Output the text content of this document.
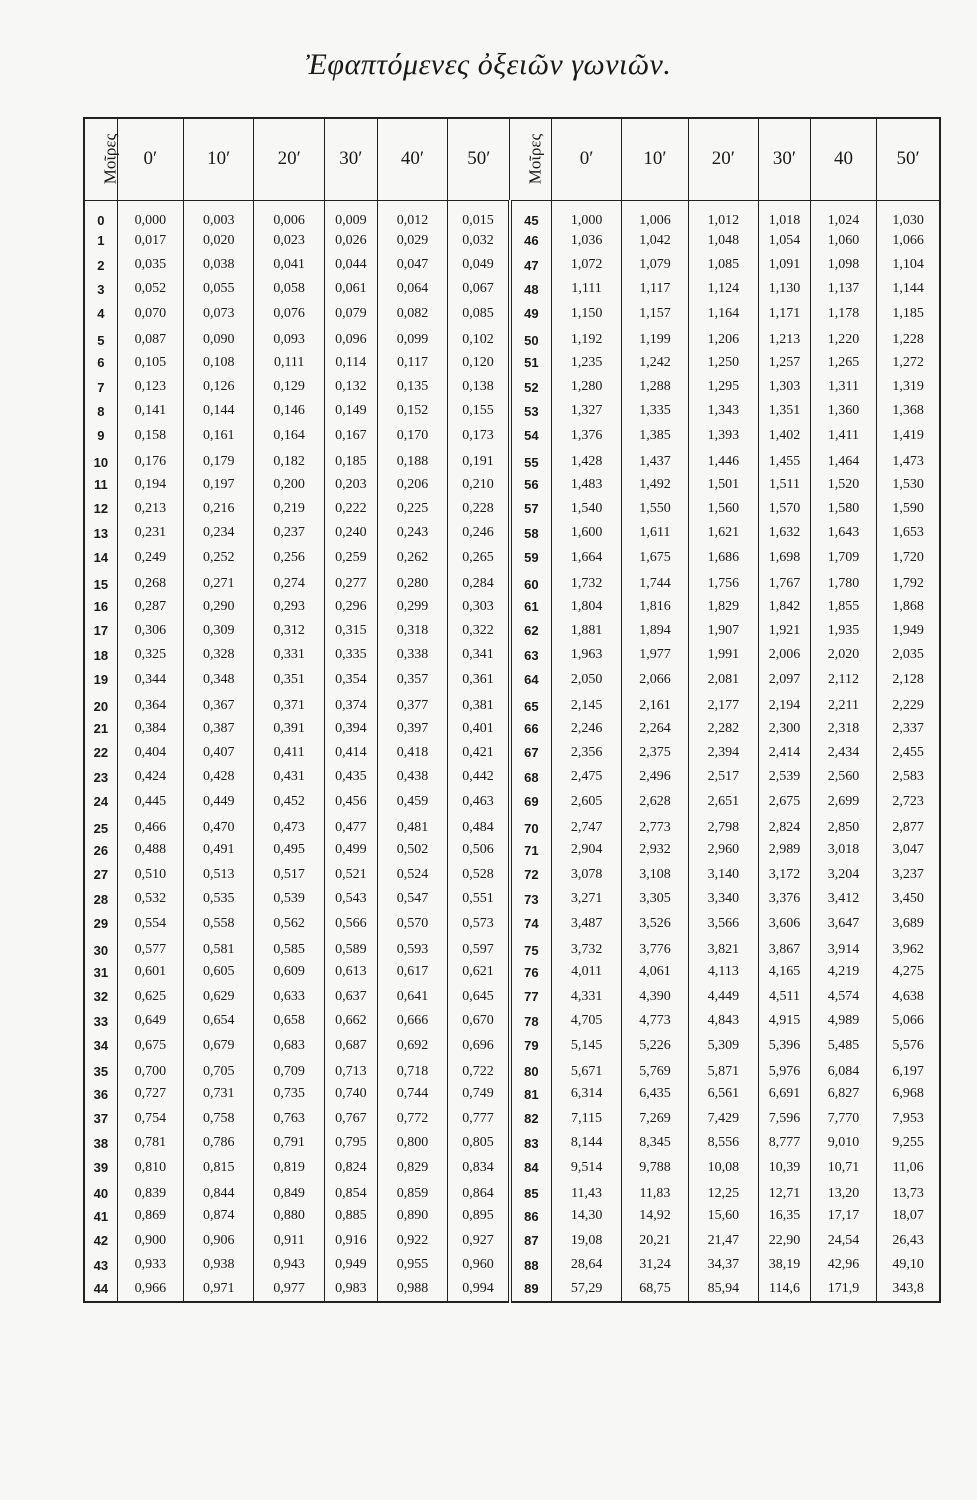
Ἐφαπτόμενες ὀξειῶν γωνιῶν.
Μοῖρες	0′	10′	20′	30′	40′	50′	Μοῖρες	0′	10′	20′	30′	40	50′
0	0,000	0,003	0,006	0,009	0,012	0,015	45	1,000	1,006	1,012	1,018	1,024	1,030
1	0,017	0,020	0,023	0,026	0,029	0,032	46	1,036	1,042	1,048	1,054	1,060	1,066
2	0,035	0,038	0,041	0,044	0,047	0,049	47	1,072	1,079	1,085	1,091	1,098	1,104
3	0,052	0,055	0,058	0,061	0,064	0,067	48	1,111	1,117	1,124	1,130	1,137	1,144
4	0,070	0,073	0,076	0,079	0,082	0,085	49	1,150	1,157	1,164	1,171	1,178	1,185
5	0,087	0,090	0,093	0,096	0,099	0,102	50	1,192	1,199	1,206	1,213	1,220	1,228
6	0,105	0,108	0,111	0,114	0,117	0,120	51	1,235	1,242	1,250	1,257	1,265	1,272
7	0,123	0,126	0,129	0,132	0,135	0,138	52	1,280	1,288	1,295	1,303	1,311	1,319
8	0,141	0,144	0,146	0,149	0,152	0,155	53	1,327	1,335	1,343	1,351	1,360	1,368
9	0,158	0,161	0,164	0,167	0,170	0,173	54	1,376	1,385	1,393	1,402	1,411	1,419
10	0,176	0,179	0,182	0,185	0,188	0,191	55	1,428	1,437	1,446	1,455	1,464	1,473
11	0,194	0,197	0,200	0,203	0,206	0,210	56	1,483	1,492	1,501	1,511	1,520	1,530
12	0,213	0,216	0,219	0,222	0,225	0,228	57	1,540	1,550	1,560	1,570	1,580	1,590
13	0,231	0,234	0,237	0,240	0,243	0,246	58	1,600	1,611	1,621	1,632	1,643	1,653
14	0,249	0,252	0,256	0,259	0,262	0,265	59	1,664	1,675	1,686	1,698	1,709	1,720
15	0,268	0,271	0,274	0,277	0,280	0,284	60	1,732	1,744	1,756	1,767	1,780	1,792
16	0,287	0,290	0,293	0,296	0,299	0,303	61	1,804	1,816	1,829	1,842	1,855	1,868
17	0,306	0,309	0,312	0,315	0,318	0,322	62	1,881	1,894	1,907	1,921	1,935	1,949
18	0,325	0,328	0,331	0,335	0,338	0,341	63	1,963	1,977	1,991	2,006	2,020	2,035
19	0,344	0,348	0,351	0,354	0,357	0,361	64	2,050	2,066	2,081	2,097	2,112	2,128
20	0,364	0,367	0,371	0,374	0,377	0,381	65	2,145	2,161	2,177	2,194	2,211	2,229
21	0,384	0,387	0,391	0,394	0,397	0,401	66	2,246	2,264	2,282	2,300	2,318	2,337
22	0,404	0,407	0,411	0,414	0,418	0,421	67	2,356	2,375	2,394	2,414	2,434	2,455
23	0,424	0,428	0,431	0,435	0,438	0,442	68	2,475	2,496	2,517	2,539	2,560	2,583
24	0,445	0,449	0,452	0,456	0,459	0,463	69	2,605	2,628	2,651	2,675	2,699	2,723
25	0,466	0,470	0,473	0,477	0,481	0,484	70	2,747	2,773	2,798	2,824	2,850	2,877
26	0,488	0,491	0,495	0,499	0,502	0,506	71	2,904	2,932	2,960	2,989	3,018	3,047
27	0,510	0,513	0,517	0,521	0,524	0,528	72	3,078	3,108	3,140	3,172	3,204	3,237
28	0,532	0,535	0,539	0,543	0,547	0,551	73	3,271	3,305	3,340	3,376	3,412	3,450
29	0,554	0,558	0,562	0,566	0,570	0,573	74	3,487	3,526	3,566	3,606	3,647	3,689
30	0,577	0,581	0,585	0,589	0,593	0,597	75	3,732	3,776	3,821	3,867	3,914	3,962
31	0,601	0,605	0,609	0,613	0,617	0,621	76	4,011	4,061	4,113	4,165	4,219	4,275
32	0,625	0,629	0,633	0,637	0,641	0,645	77	4,331	4,390	4,449	4,511	4,574	4,638
33	0,649	0,654	0,658	0,662	0,666	0,670	78	4,705	4,773	4,843	4,915	4,989	5,066
34	0,675	0,679	0,683	0,687	0,692	0,696	79	5,145	5,226	5,309	5,396	5,485	5,576
35	0,700	0,705	0,709	0,713	0,718	0,722	80	5,671	5,769	5,871	5,976	6,084	6,197
36	0,727	0,731	0,735	0,740	0,744	0,749	81	6,314	6,435	6,561	6,691	6,827	6,968
37	0,754	0,758	0,763	0,767	0,772	0,777	82	7,115	7,269	7,429	7,596	7,770	7,953
38	0,781	0,786	0,791	0,795	0,800	0,805	83	8,144	8,345	8,556	8,777	9,010	9,255
39	0,810	0,815	0,819	0,824	0,829	0,834	84	9,514	9,788	10,08	10,39	10,71	11,06
40	0,839	0,844	0,849	0,854	0,859	0,864	85	11,43	11,83	12,25	12,71	13,20	13,73
41	0,869	0,874	0,880	0,885	0,890	0,895	86	14,30	14,92	15,60	16,35	17,17	18,07
42	0,900	0,906	0,911	0,916	0,922	0,927	87	19,08	20,21	21,47	22,90	24,54	26,43
43	0,933	0,938	0,943	0,949	0,955	0,960	88	28,64	31,24	34,37	38,19	42,96	49,10
44	0,966	0,971	0,977	0,983	0,988	0,994	89	57,29	68,75	85,94	114,6	171,9	343,8
